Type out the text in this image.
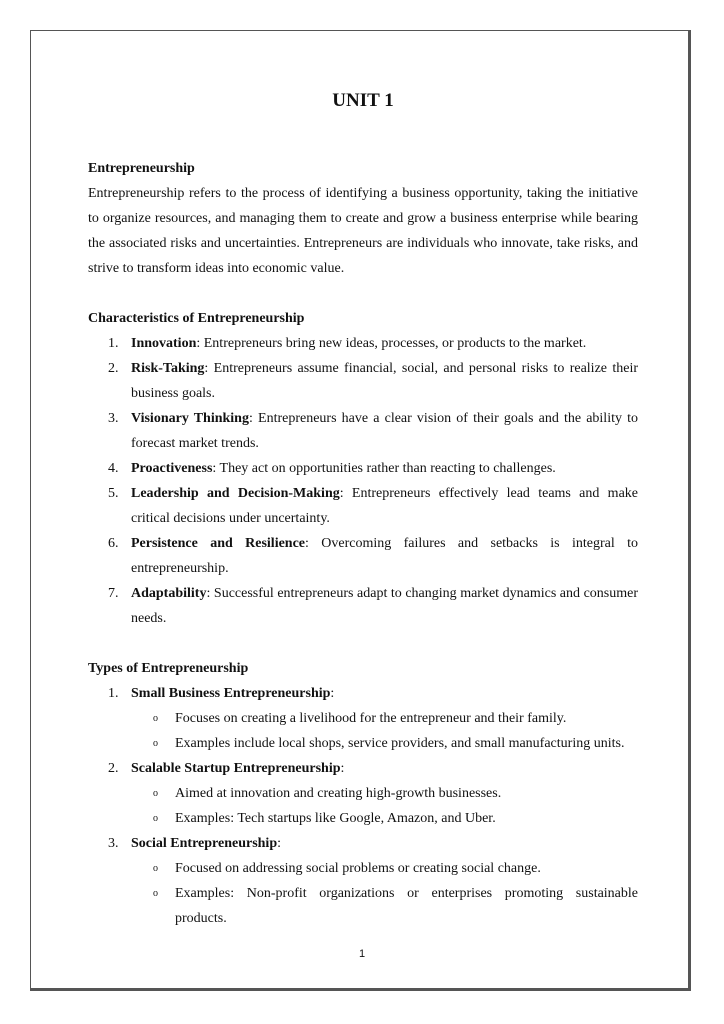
UNIT 1
Entrepreneurship

Entrepreneurship refers to the process of identifying a business opportunity, taking the initiative to organize resources, and managing them to create and grow a business enterprise while bearing the associated risks and uncertainties. Entrepreneurs are individuals who innovate, take risks, and strive to transform ideas into economic value.

Characteristics of Entrepreneurship
1. Innovation: Entrepreneurs bring new ideas, processes, or products to the market.
2. Risk-Taking: Entrepreneurs assume financial, social, and personal risks to realize their business goals.
3. Visionary Thinking: Entrepreneurs have a clear vision of their goals and the ability to forecast market trends.
4. Proactiveness: They act on opportunities rather than reacting to challenges.
5. Leadership and Decision-Making: Entrepreneurs effectively lead teams and make critical decisions under uncertainty.
6. Persistence and Resilience: Overcoming failures and setbacks is integral to entrepreneurship.
7. Adaptability: Successful entrepreneurs adapt to changing market dynamics and consumer needs.
Types of Entrepreneurship
1. Small Business Entrepreneurship:
o Focuses on creating a livelihood for the entrepreneur and their family.
o Examples include local shops, service providers, and small manufacturing units.
2. Scalable Startup Entrepreneurship:
o Aimed at innovation and creating high-growth businesses.
o Examples: Tech startups like Google, Amazon, and Uber.
3. Social Entrepreneurship:
o Focused on addressing social problems or creating social change.
o Examples: Non-profit organizations or enterprises promoting sustainable products.
1
